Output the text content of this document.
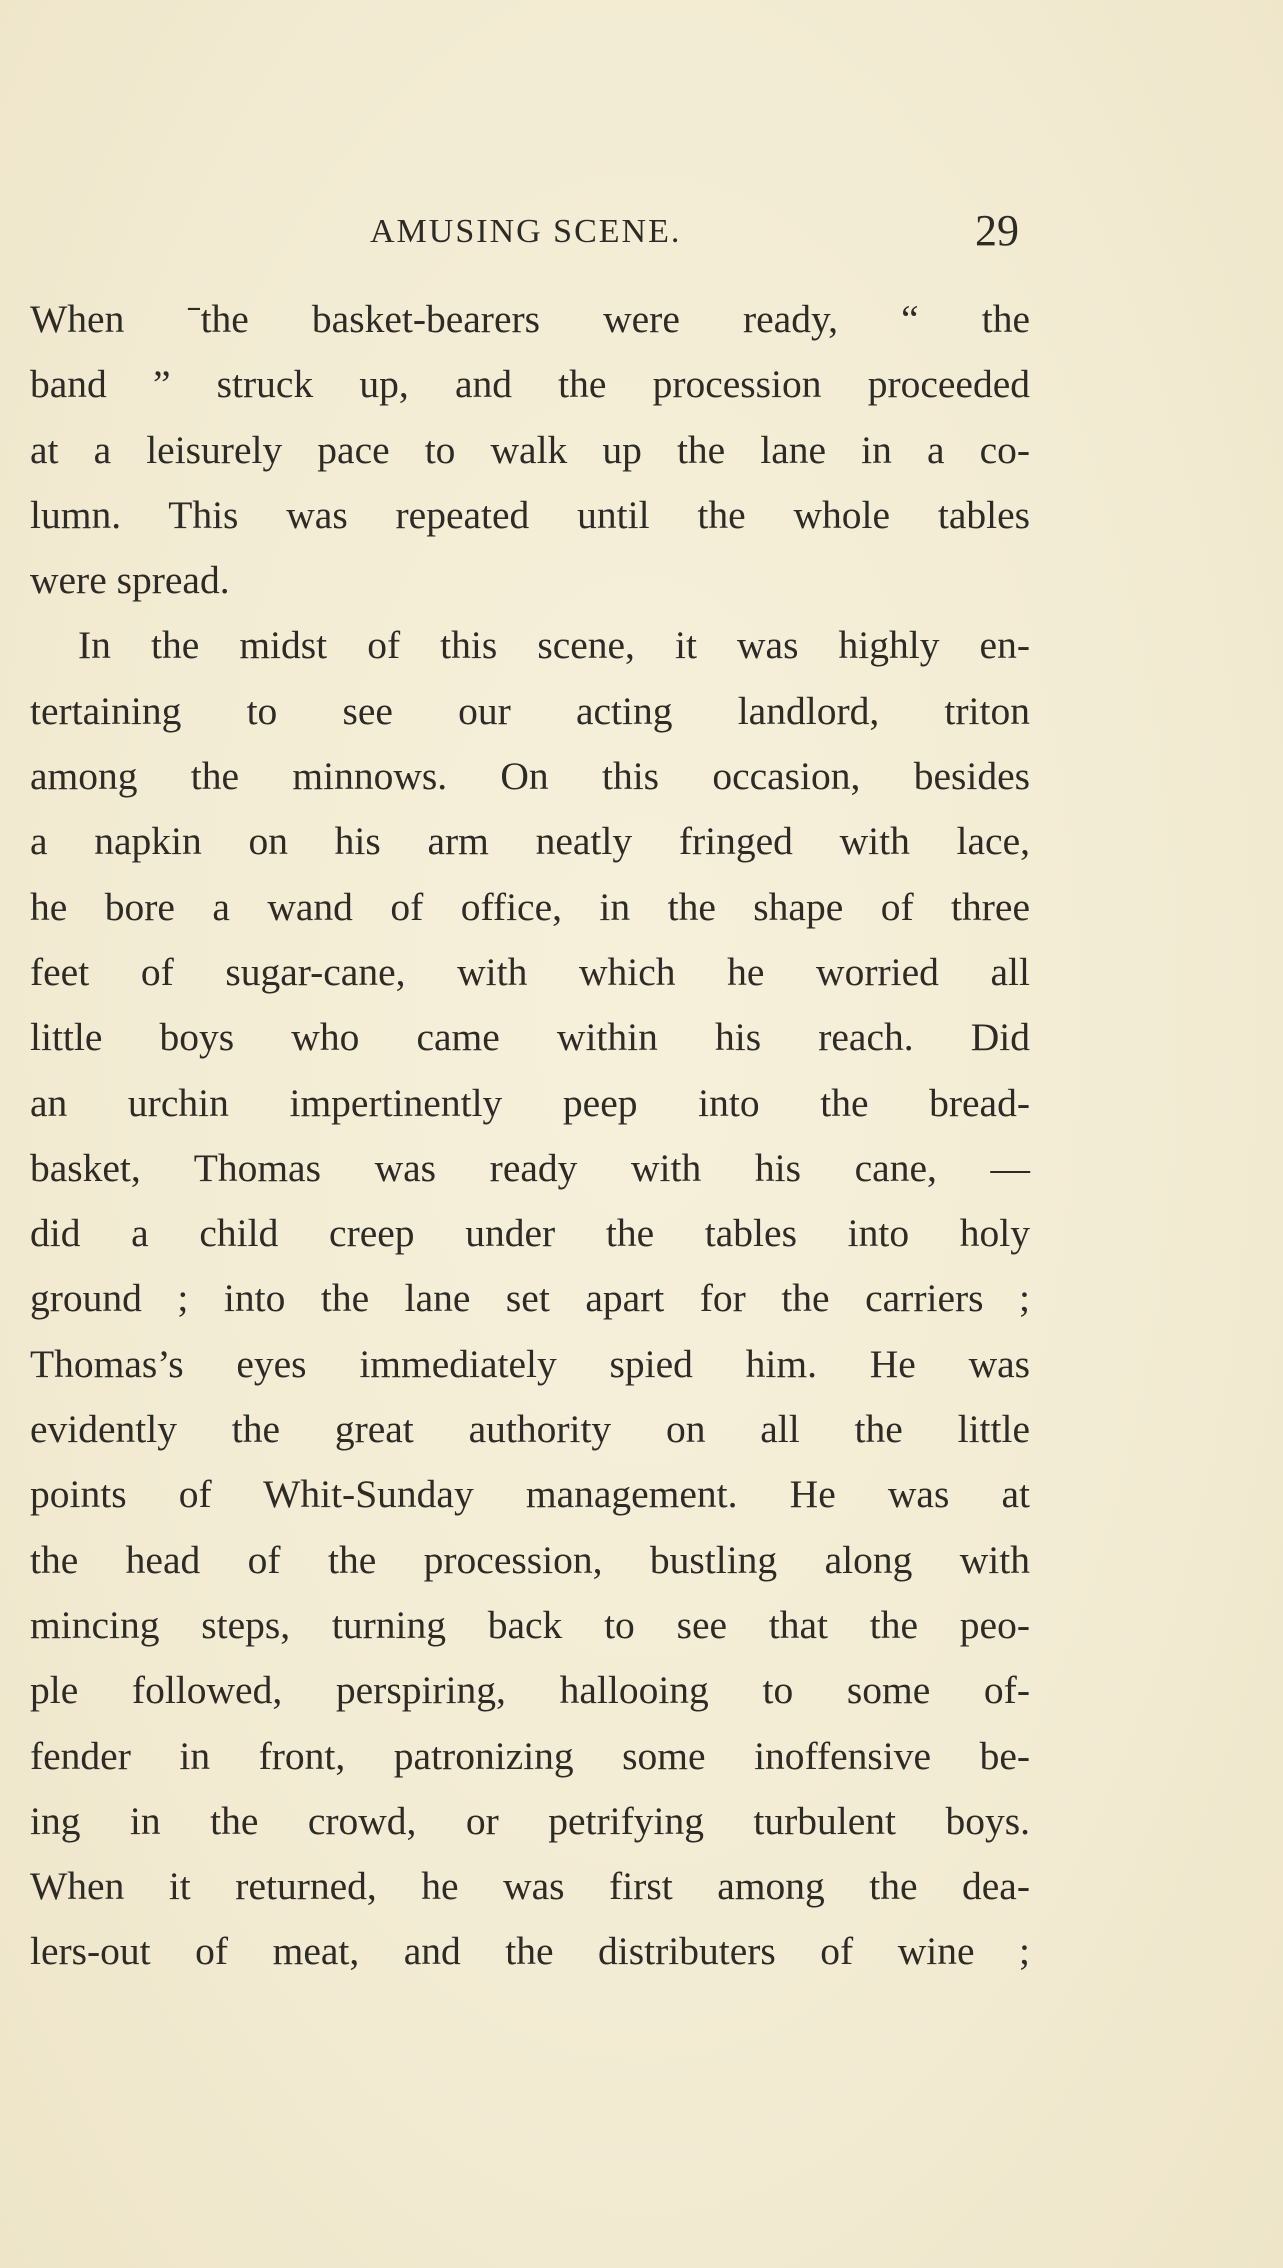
AMUSING SCENE.	29
When ˉthe basket-bearers were ready, “ the
band ” struck up, and the procession proceeded
at a leisurely pace to walk up the lane in a co-
lumn. This was repeated until the whole tables
were spread.
In the midst of this scene, it was highly en-
tertaining to see our acting landlord, triton
among the minnows. On this occasion, besides
a napkin on his arm neatly fringed with lace,
he bore a wand of office, in the shape of three
feet of sugar-cane, with which he worried all
little boys who came within his reach. Did
an urchin impertinently peep into the bread-
basket, Thomas was ready with his cane, —
did a child creep under the tables into holy
ground ; into the lane set apart for the carriers ;
Thomas’s eyes immediately spied him. He was
evidently the great authority on all the little
points of Whit-Sunday management. He was at
the head of the procession, bustling along with
mincing steps, turning back to see that the peo-
ple followed, perspiring, hallooing to some of-
fender in front, patronizing some inoffensive be-
ing in the crowd, or petrifying turbulent boys.
When it returned, he was first among the dea-
lers-out of meat, and the distributers of wine ;
